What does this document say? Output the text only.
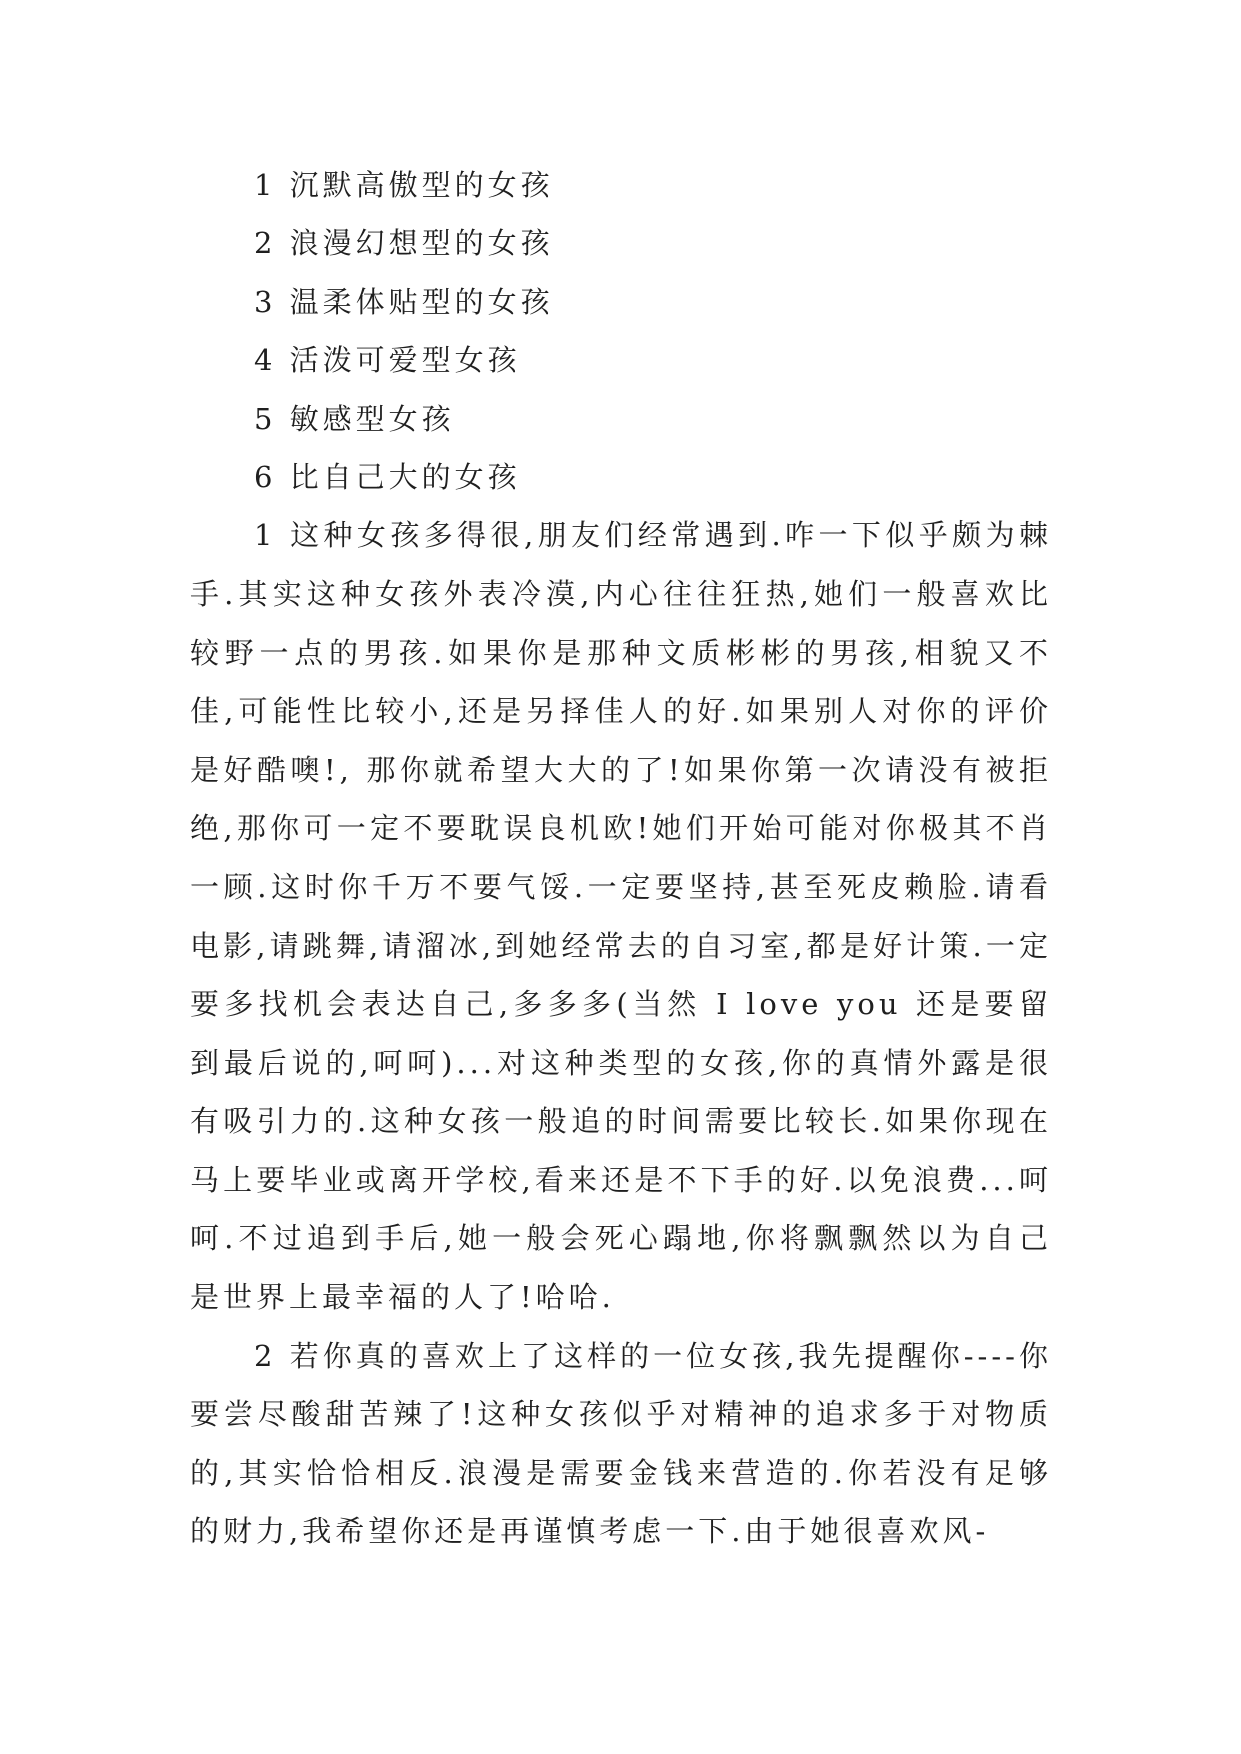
1 沉默高傲型的女孩

2 浪漫幻想型的女孩

3 温柔体贴型的女孩

4 活泼可爱型女孩

5 敏感型女孩

6 比自己大的女孩

1 这种女孩多得很,朋友们经常遇到.咋一下似乎颇为棘手.其实这种女孩外表冷漠,内心往往狂热,她们一般喜欢比较野一点的男孩.如果你是那种文质彬彬的男孩,相貌又不佳,可能性比较小,还是另择佳人的好.如果别人对你的评价是好酷噢!, 那你就希望大大的了!如果你第一次请没有被拒绝,那你可一定不要耽误良机欧!她们开始可能对你极其不肖一顾.这时你千万不要气馁.一定要坚持,甚至死皮赖脸.请看电影,请跳舞,请溜冰,到她经常去的自习室,都是好计策.一定要多找机会表达自己,多多多(当然 I love you 还是要留到最后说的,呵呵)...对这种类型的女孩,你的真情外露是很有吸引力的.这种女孩一般追的时间需要比较长.如果你现在马上要毕业或离开学校,看来还是不下手的好.以免浪费...呵呵.不过追到手后,她一般会死心蹋地,你将飘飘然以为自己是世界上最幸福的人了!哈哈.

2 若你真的喜欢上了这样的一位女孩,我先提醒你----你要尝尽酸甜苦辣了!这种女孩似乎对精神的追求多于对物质的,其实恰恰相反.浪漫是需要金钱来营造的.你若没有足够的财力,我希望你还是再谨慎考虑一下.由于她很喜欢风-
